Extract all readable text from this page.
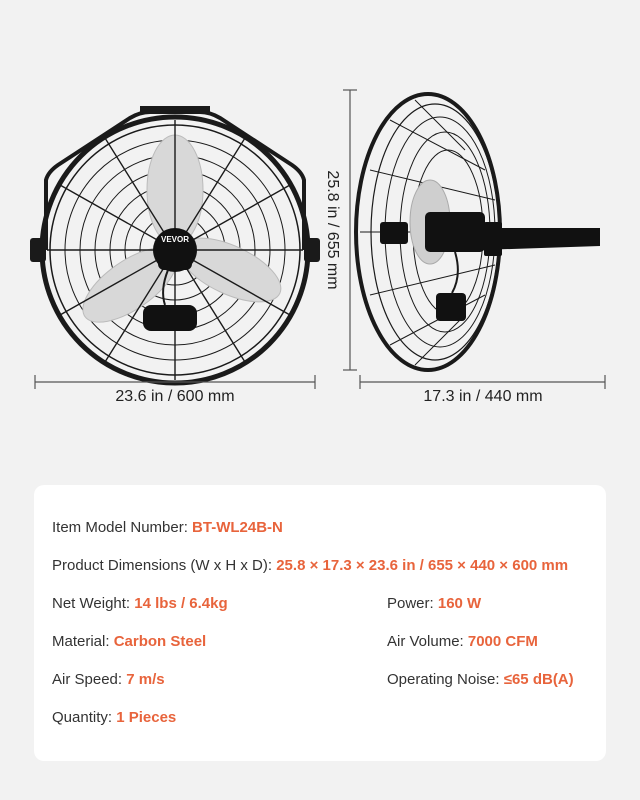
VEVOR
23.6 in / 600 mm
25.8 in / 655 mm
17.3 in / 440 mm
Item Model Number: BT-WL24B-N
Product Dimensions (W x H x D): 25.8 × 17.3 × 23.6 in / 655 × 440 × 600 mm
Net Weight: 14 lbs / 6.4kg	Power: 160 W
Material: Carbon Steel	Air Volume: 7000 CFM
Air Speed: 7 m/s	Operating Noise: ≤65 dB(A)
Quantity: 1 Pieces
